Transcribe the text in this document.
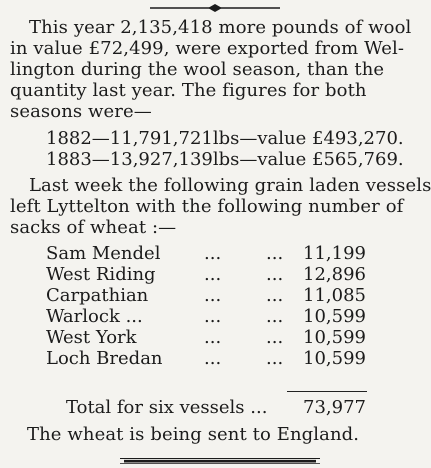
This year 2,135,418 more pounds of wool
in value £72,499, were exported from Wel-
lington during the wool season, than the
quantity last year. The figures for both
seasons were—
1882—11,791,721lbs—value £493,270.
1883—13,927,139lbs—value £565,769.
Last week the following grain laden vessels
left Lyttelton with the following number of
sacks of wheat :—
Sam Mendel ... ... 11,199
West Riding	... ... 12,896
Carpathian	... ... 11,085
Warlock ...	... ... 10,599
West York	... ... 10,599
Loch Bredan ... ... 10,599
Total for six vessels ... 73,977
The wheat is being sent to England.
